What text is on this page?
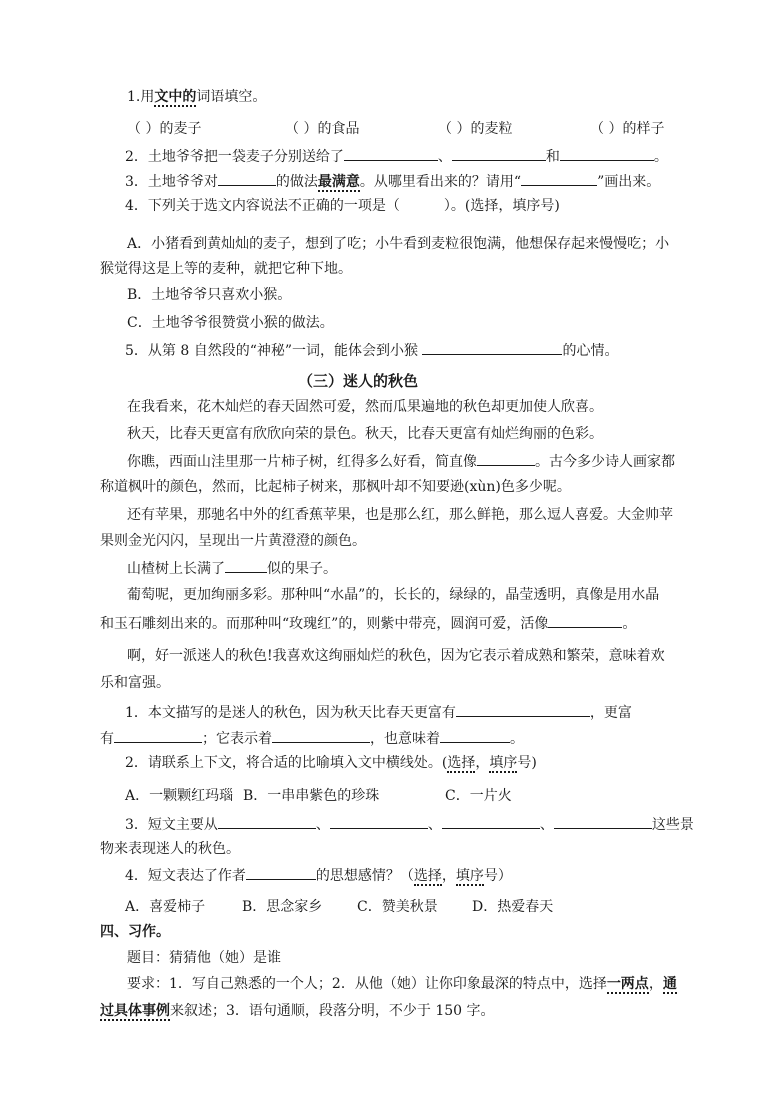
1.用文中的词语填空。
（ ）的麦子	（ ）的食品	（ ）的麦粒	（ ）的样子
2．土地爷爷把一袋麦子分别送给了	、	和	。
3．土地爷爷对	的做法最满意。从哪里看出来的？请用“	”画出来。
4．下列关于选文内容说法不正确的一项是（	）。(选择，填序号)
A．小猪看到黄灿灿的麦子，想到了吃；小牛看到麦粒很饱满，他想保存起来慢慢吃；小
猴觉得这是上等的麦种，就把它种下地。
B．土地爷爷只喜欢小猴。
C．土地爷爷很赞赏小猴的做法。
5．从第 8 自然段的“神秘”一词，能体会到小猴	的心情。
（三）迷人的秋色
在我看来，花木灿烂的春天固然可爱，然而瓜果遍地的秋色却更加使人欣喜。
秋天，比春天更富有欣欣向荣的景色。秋天，比春天更富有灿烂绚丽的色彩。
你瞧，西面山洼里那一片柿子树，红得多么好看，简直像	。古今多少诗人画家都
称道枫叶的颜色，然而，比起柿子树来，那枫叶却不知要逊(xùn)色多少呢。
还有苹果，那驰名中外的红香蕉苹果，也是那么红，那么鲜艳，那么逗人喜爱。大金帅苹
果则金光闪闪，呈现出一片黄澄澄的颜色。
山楂树上长满了	似的果子。
葡萄呢，更加绚丽多彩。那种叫“水晶”的，长长的，绿绿的，晶莹透明，真像是用水晶
和玉石雕刻出来的。而那种叫“玫瑰红”的，则紫中带亮，圆润可爱，活像	。
啊，好一派迷人的秋色!我喜欢这绚丽灿烂的秋色，因为它表示着成熟和繁荣，意味着欢
乐和富强。
1．本文描写的是迷人的秋色，因为秋天比春天更富有	，更富
有	；它表示着	，也意味着	。
2．请联系上下文，将合适的比喻填入文中横线处。(选择，填序号)
A．一颗颗红玛瑙 B．一串串紫色的珍珠	C．一片火
3．短文主要从	、	、	、	这些景
物来表现迷人的秋色。
4．短文表达了作者	的思想感情？（选择，填序号）
A．喜爱柿子	B．思念家乡 C．赞美秋景 D．热爱春天
四、习作。
题目：猜猜他（她）是谁
要求：1．写自己熟悉的一个人；2．从他（她）让你印象最深的特点中，选择一两点，通
过具体事例来叙述；3．语句通顺，段落分明，不少于 150 字。
